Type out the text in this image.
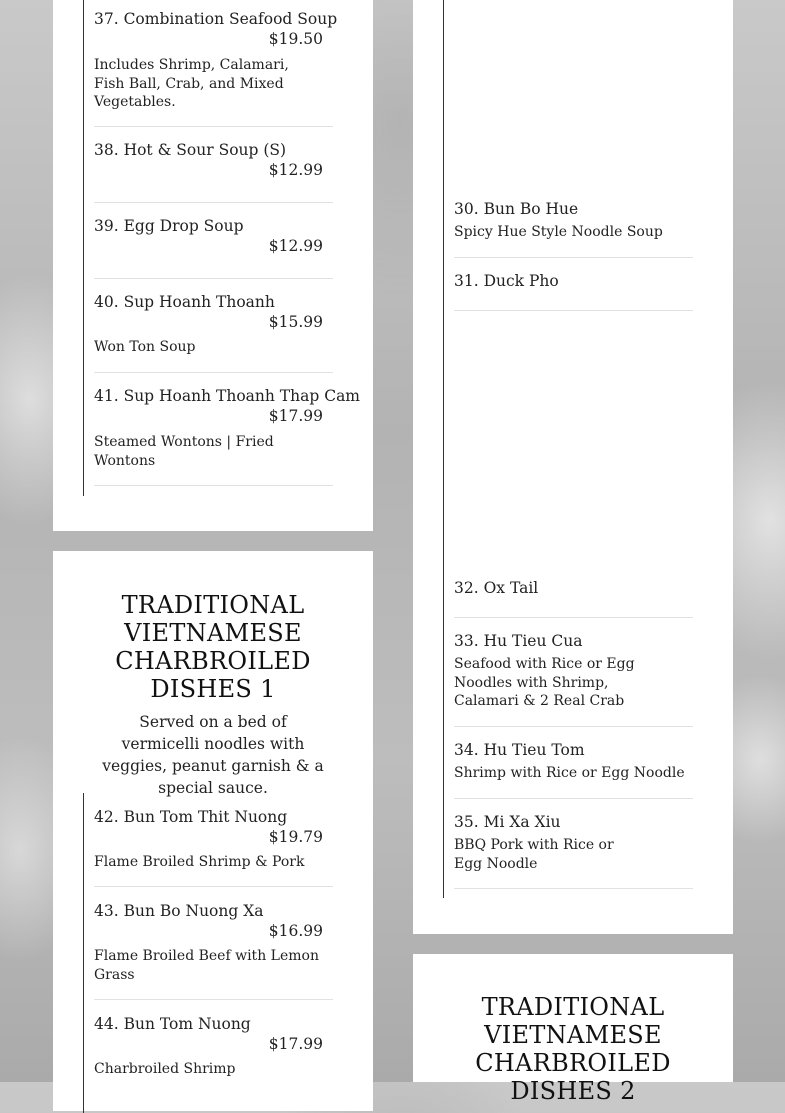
37. Combination Seafood Soup
$19.50
Includes Shrimp, Calamari, Fish Ball, Crab, and Mixed Vegetables.
38. Hot & Sour Soup (S)
$12.99
39. Egg Drop Soup
$12.99
40. Sup Hoanh Thoanh
$15.99
Won Ton Soup
41. Sup Hoanh Thoanh Thap Cam
$17.99
Steamed Wontons | Fried Wontons
TRADITIONAL VIETNAMESE CHARBROILED DISHES 1
Served on a bed of vermicelli noodles with veggies, peanut garnish & a special sauce.
42. Bun Tom Thit Nuong
$19.79
Flame Broiled Shrimp & Pork
43. Bun Bo Nuong Xa
$16.99
Flame Broiled Beef with Lemon Grass
44. Bun Tom Nuong
$17.99
Charbroiled Shrimp
30. Bun Bo Hue
Spicy Hue Style Noodle Soup
31. Duck Pho
32. Ox Tail
33. Hu Tieu Cua
Seafood with Rice or Egg Noodles with Shrimp, Calamari & 2 Real Crab
34. Hu Tieu Tom
Shrimp with Rice or Egg Noodle
35. Mi Xa Xiu
BBQ Pork with Rice or Egg Noodle
TRADITIONAL VIETNAMESE CHARBROILED DISHES 2
